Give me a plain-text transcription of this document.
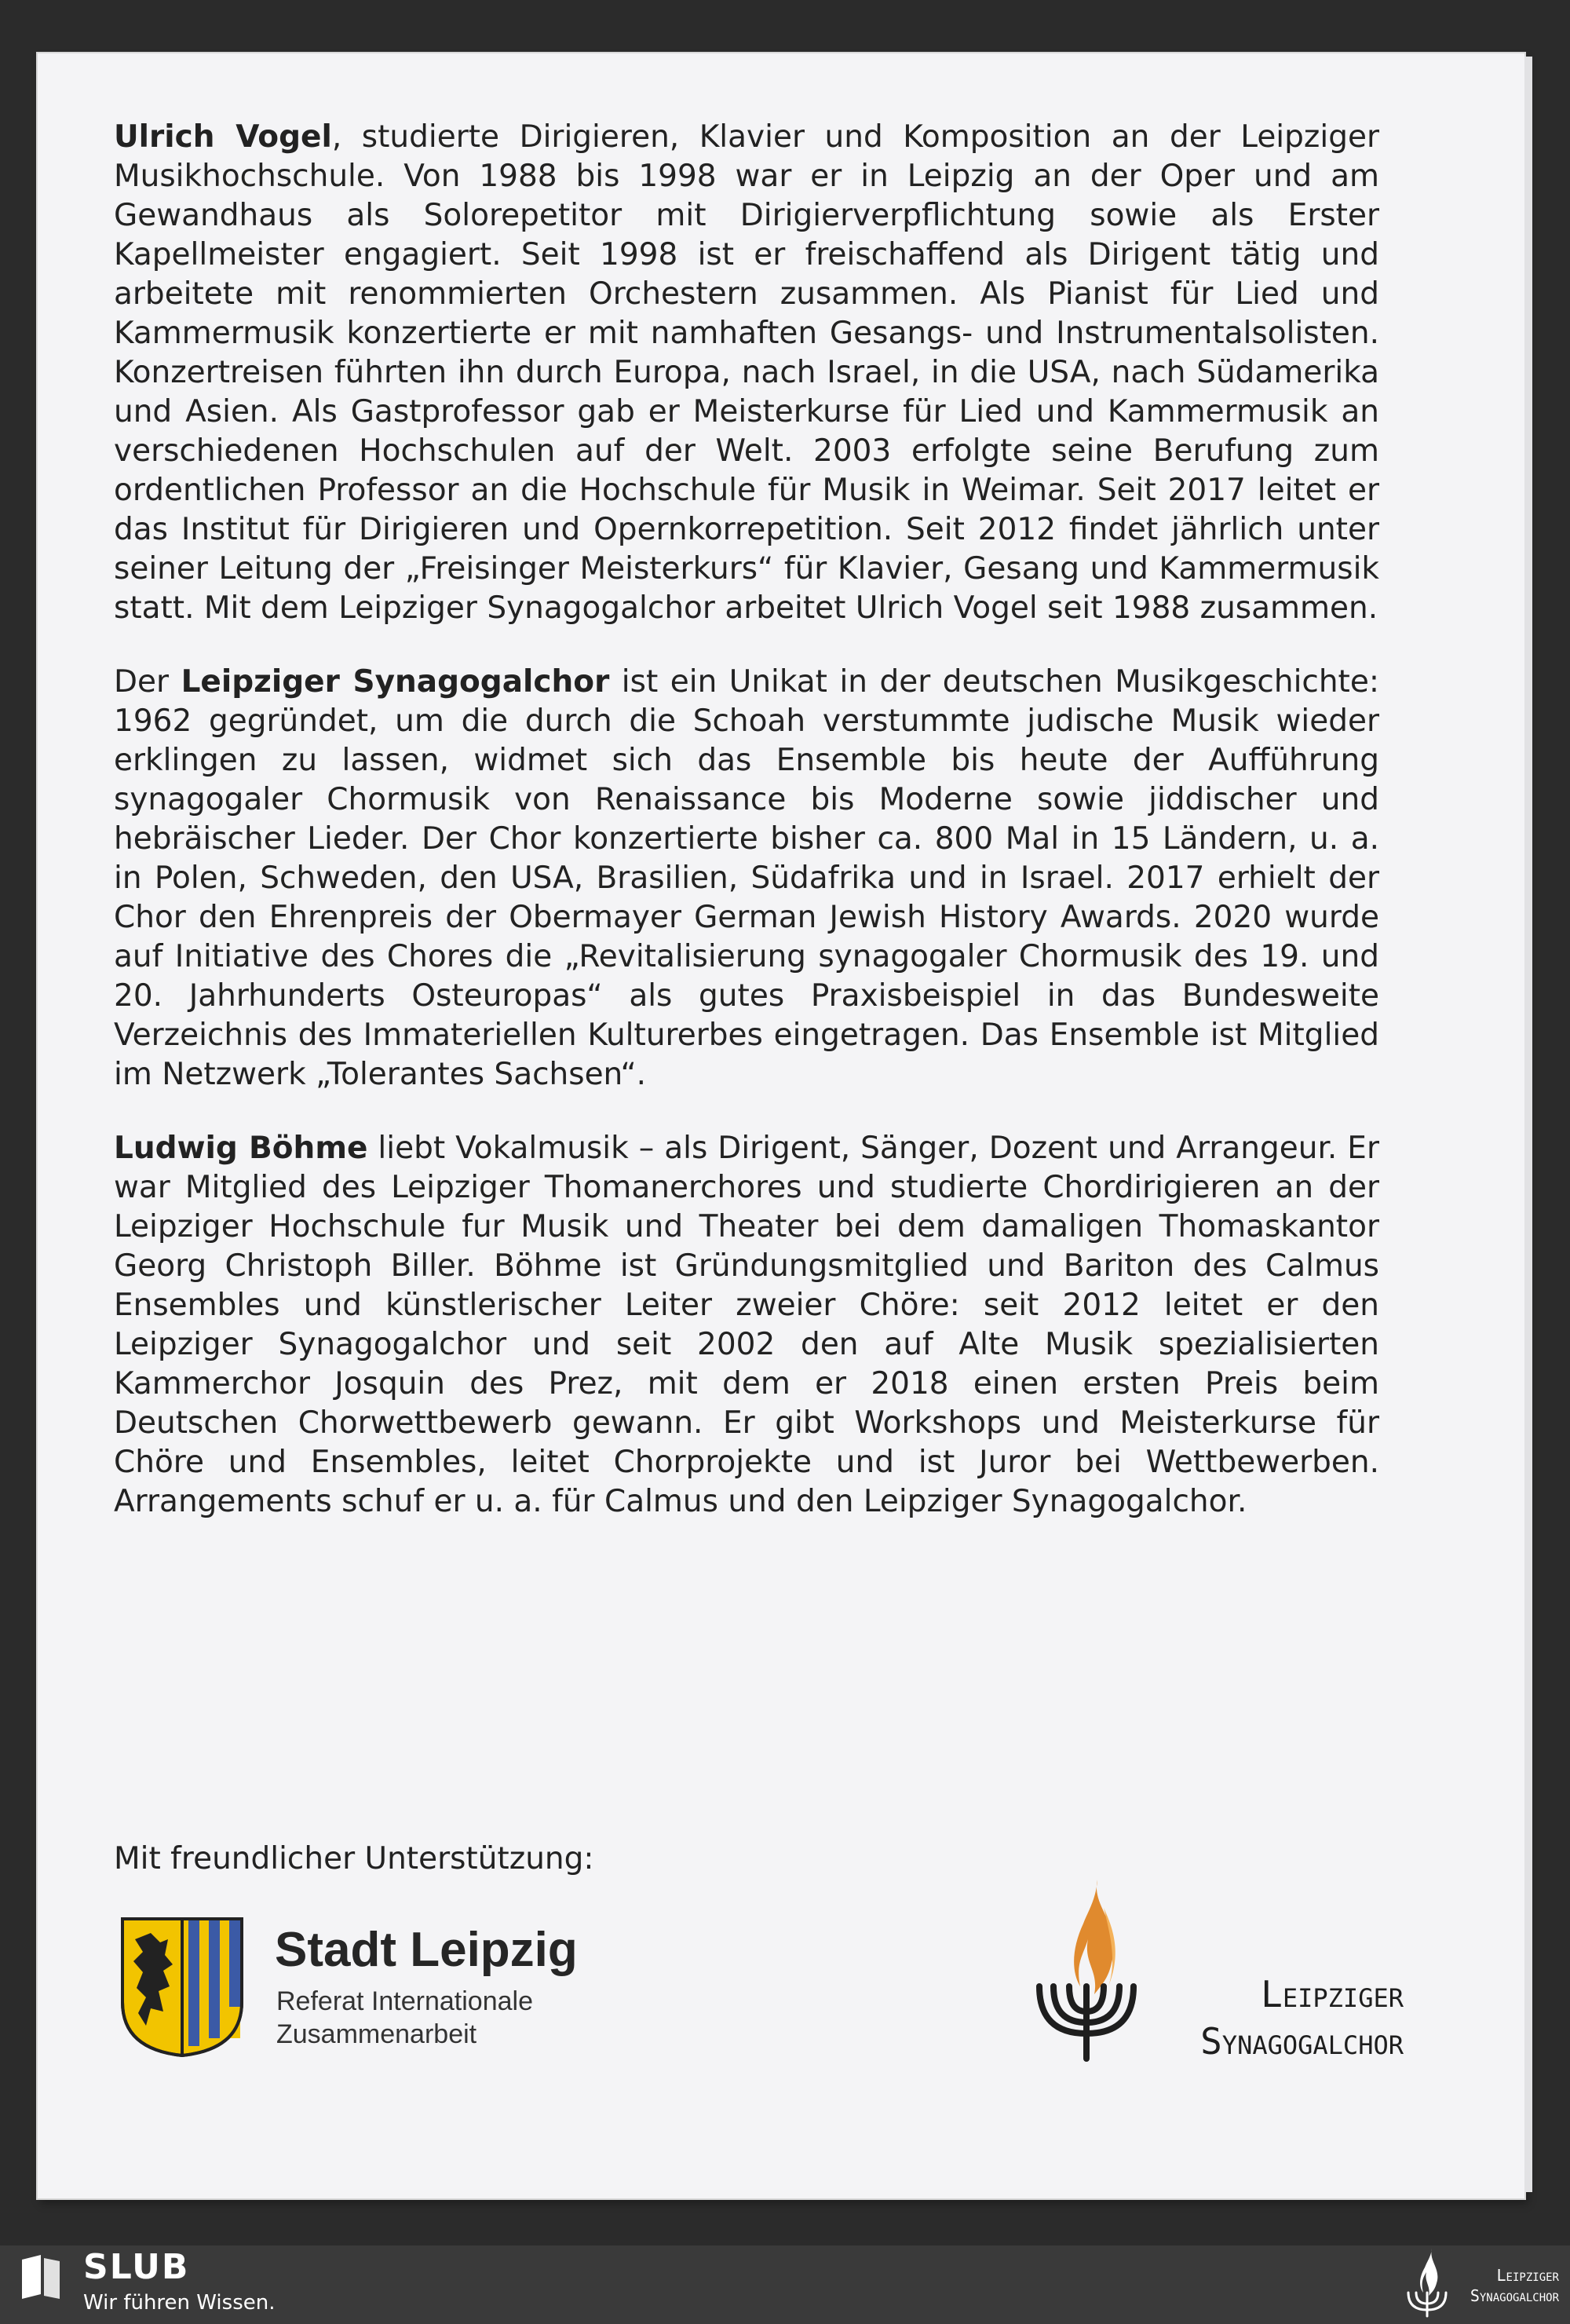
Ulrich Vogel, studierte Dirigieren, Klavier und Komposition an der Leipziger Musikhochschule. Von 1988 bis 1998 war er in Leipzig an der Oper und am Gewandhaus als Solorepetitor mit Dirigierverpflichtung sowie als Erster Kapellmeister engagiert. Seit 1998 ist er freischaffend als Dirigent tätig und arbeitete mit renommierten Orchestern zusammen. Als Pianist für Lied und Kammermusik konzertierte er mit namhaften Gesangs- und Instrumentalsolisten. Konzertreisen führten ihn durch Europa, nach Israel, in die USA, nach Südamerika und Asien. Als Gastprofessor gab er Meisterkurse für Lied und Kammermusik an verschiedenen Hochschulen auf der Welt. 2003 erfolgte seine Berufung zum ordentlichen Professor an die Hochschule für Musik in Weimar. Seit 2017 leitet er das Institut für Dirigieren und Opernkorrepetition. Seit 2012 findet jährlich unter seiner Leitung der „Freisinger Meisterkurs“ für Klavier, Gesang und Kammermusik statt. Mit dem Leipziger Synagogalchor arbeitet Ulrich Vogel seit 1988 zusammen.

Der Leipziger Synagogalchor ist ein Unikat in der deutschen Musikgeschichte: 1962 gegründet, um die durch die Schoah verstummte judische Musik wieder erklingen zu lassen, widmet sich das Ensemble bis heute der Aufführung synagogaler Chormusik von Renaissance bis Moderne sowie jiddischer und hebräischer Lieder. Der Chor konzertierte bisher ca. 800 Mal in 15 Ländern, u. a. in Polen, Schweden, den USA, Brasilien, Südafrika und in Israel. 2017 erhielt der Chor den Ehrenpreis der Obermayer German Jewish History Awards. 2020 wurde auf Initiative des Chores die „Revitalisierung synagogaler Chormusik des 19. und 20. Jahrhunderts Osteuropas“ als gutes Praxisbeispiel in das Bundesweite Verzeichnis des Immateriellen Kulturerbes eingetragen. Das Ensemble ist Mitglied im Netzwerk „Tolerantes Sachsen“.

Ludwig Böhme liebt Vokalmusik – als Dirigent, Sänger, Dozent und Arrangeur. Er war Mitglied des Leipziger Thomanerchores und studierte Chordirigieren an der Leipziger Hochschule fur Musik und Theater bei dem damaligen Thomaskantor Georg Christoph Biller. Böhme ist Gründungsmitglied und Bariton des Calmus Ensembles und künstlerischer Leiter zweier Chöre: seit 2012 leitet er den Leipziger Synagogalchor und seit 2002 den auf Alte Musik spezialisierten Kammerchor Josquin des Prez, mit dem er 2018 einen ersten Preis beim Deutschen Chorwettbewerb gewann. Er gibt Workshops und Meisterkurse für Chöre und Ensembles, leitet Chorprojekte und ist Juror bei Wettbewerben. Arrangements schuf er u. a. für Calmus und den Leipziger Synagogalchor.

Mit freundlicher Unterstützung:

Stadt Leipzig
Referat Internationale
Zusammenarbeit
Leipziger
Synagogalchor
SLUB
Wir führen Wissen.
Leipziger
Synagogalchor
